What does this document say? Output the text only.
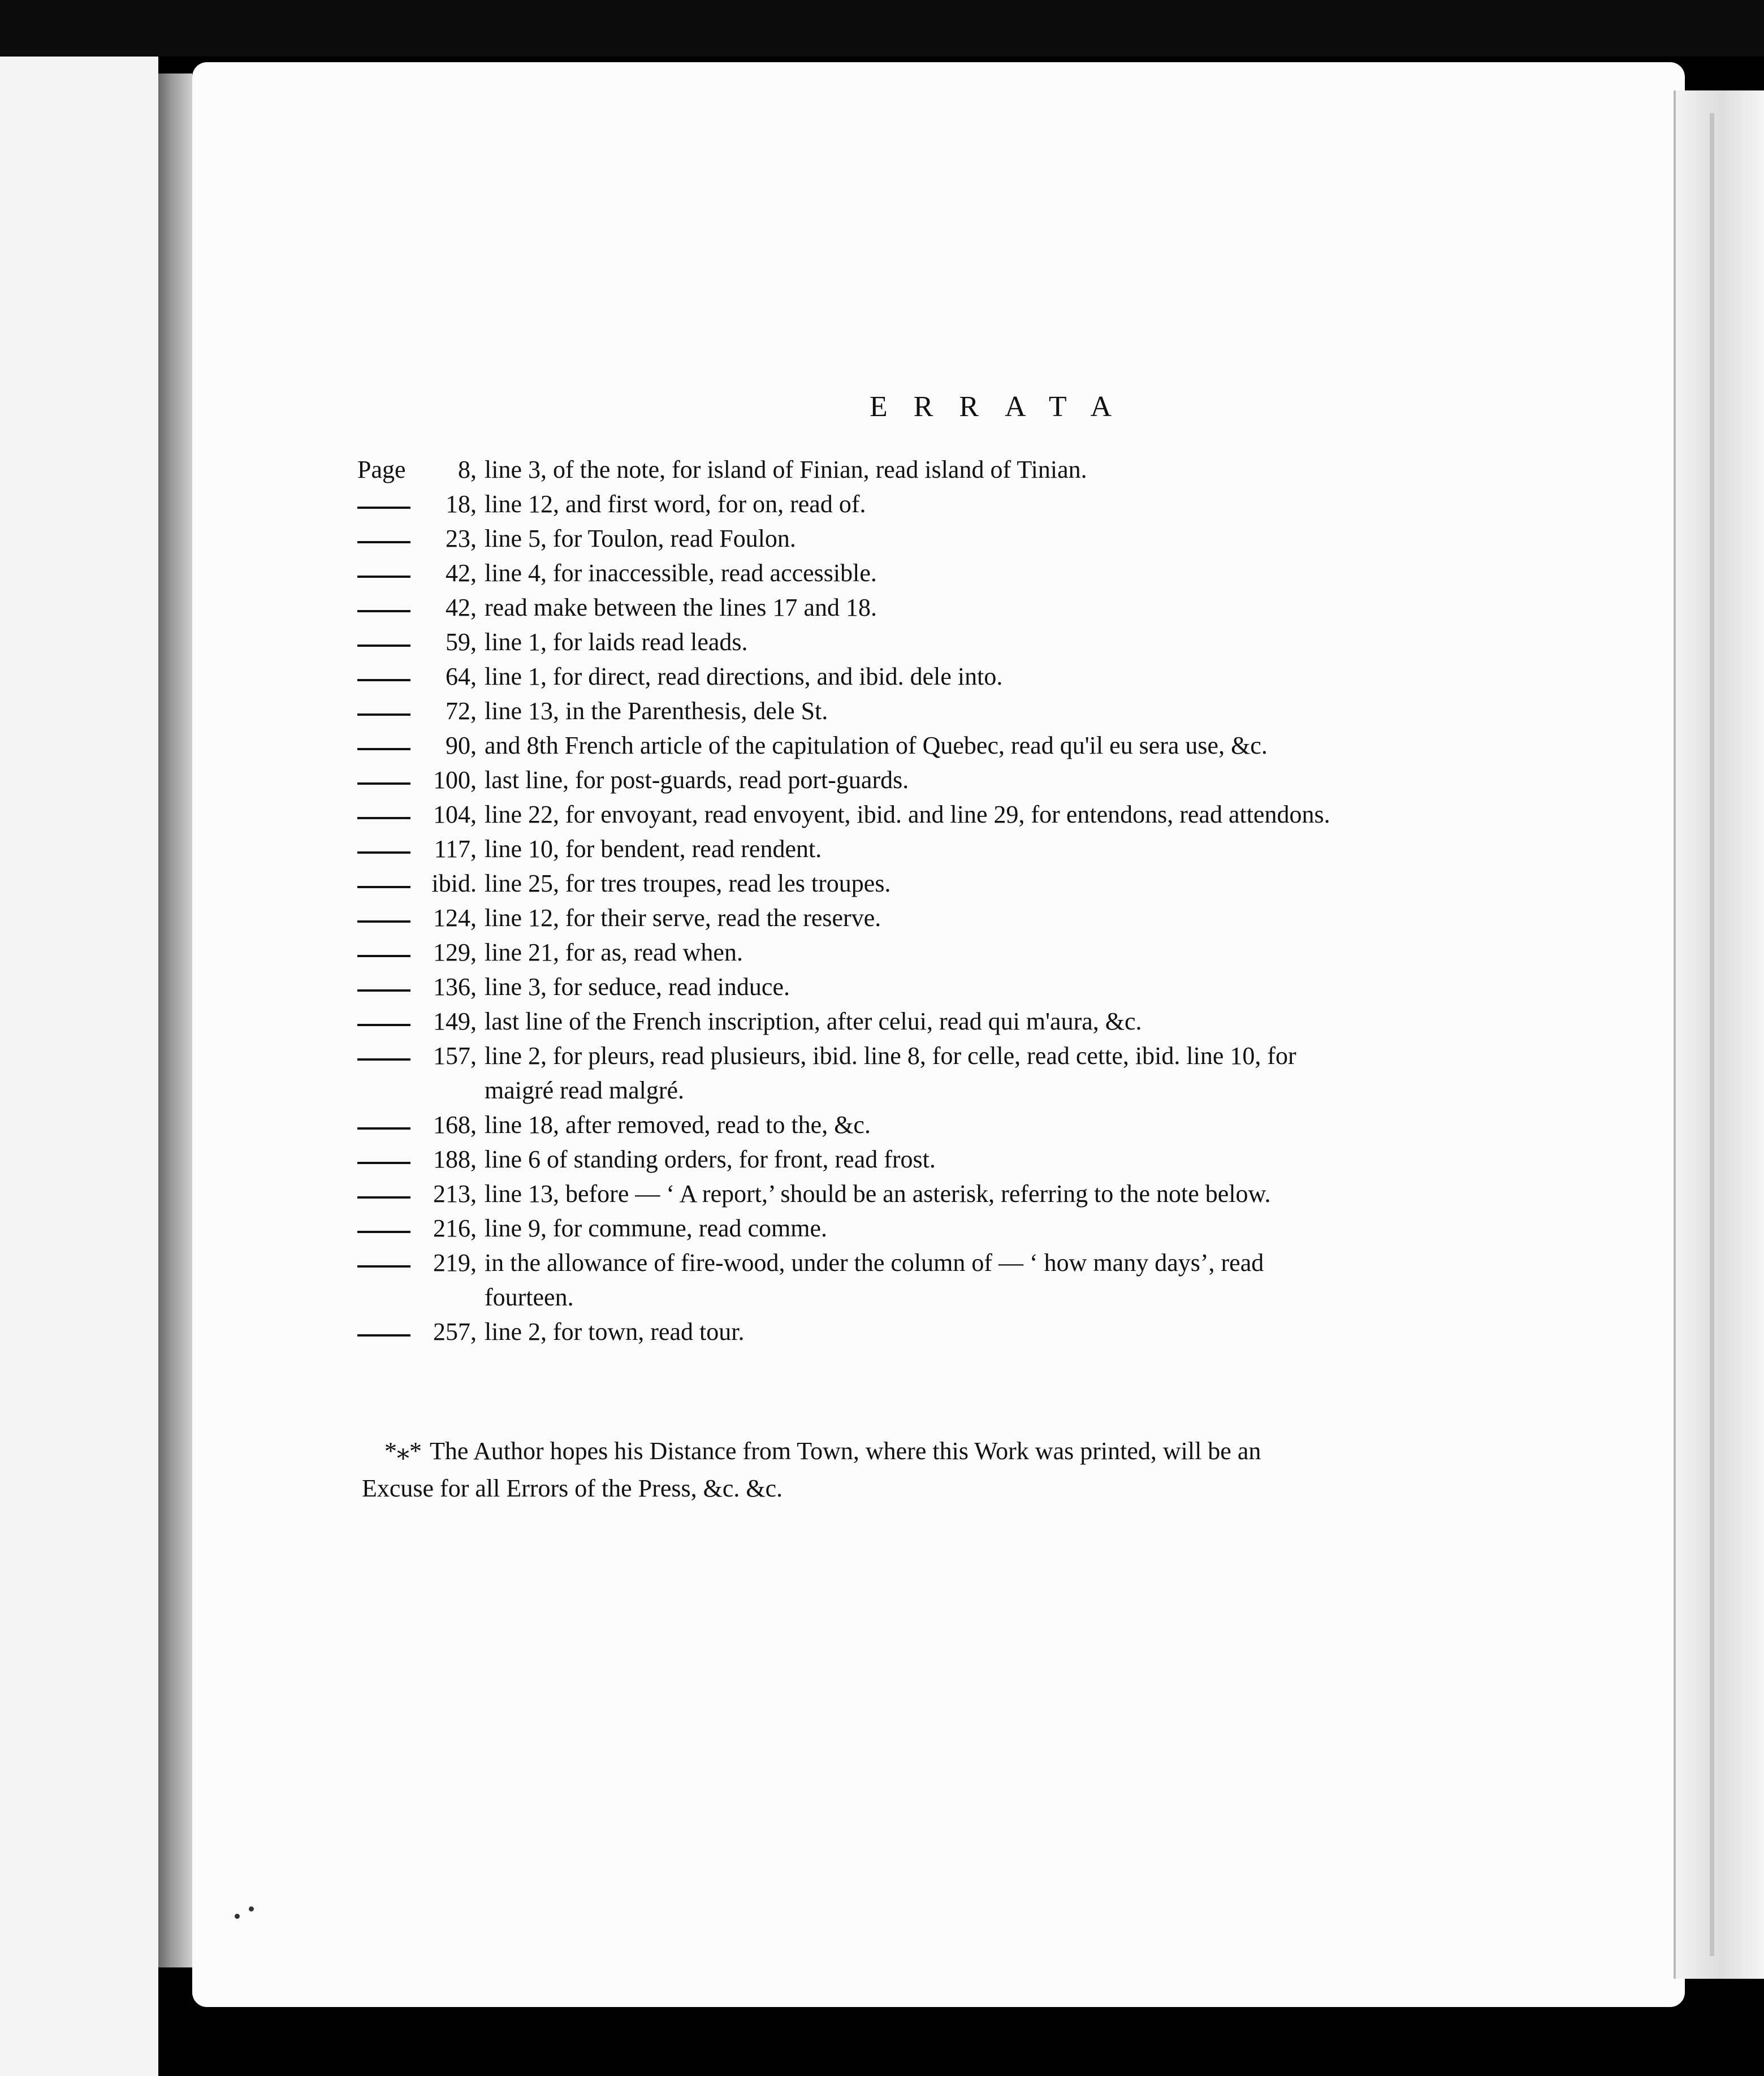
ERRATA
Page	8, line 3, of the note, for island of Finian, read island of Tinian.
18, line 12, and first word, for on, read of.
23, line 5, for Toulon, read Foulon.
42, line 4, for inaccessible, read accessible.
42, read make between the lines 17 and 18.
59, line 1, for laids read leads.
64, line 1, for direct, read directions, and ibid. dele into.
72, line 13, in the Parenthesis, dele St.
90, and 8th French article of the capitulation of Quebec, read qu'il eu sera use, &c.
100, last line, for post-guards, read port-guards.
104, line 22, for envoyant, read envoyent, ibid. and line 29, for entendons, read attendons.
117, line 10, for bendent, read rendent.
ibid. line 25, for tres troupes, read les troupes.
124, line 12, for their serve, read the reserve.
129, line 21, for as, read when.
136, line 3, for seduce, read induce.
149, last line of the French inscription, after celui, read qui m'aura, &c.
157, line 2, for pleurs, read plusieurs, ibid. line 8, for celle, read cette, ibid. line 10, for maigré read malgré.
168, line 18, after removed, read to the, &c.
188, line 6 of standing orders, for front, read frost.
213, line 13, before — ‘ A report,’ should be an asterisk, referring to the note below.
216, line 9, for commune, read comme.
219, in the allowance of fire-wood, under the column of — ‘ how many days’, read fourteen.
257, line 2, for town, read tour.
*⁎* The Author hopes his Distance from Town, where this Work was printed, will be an Excuse for all Errors of the Press, &c. &c.
